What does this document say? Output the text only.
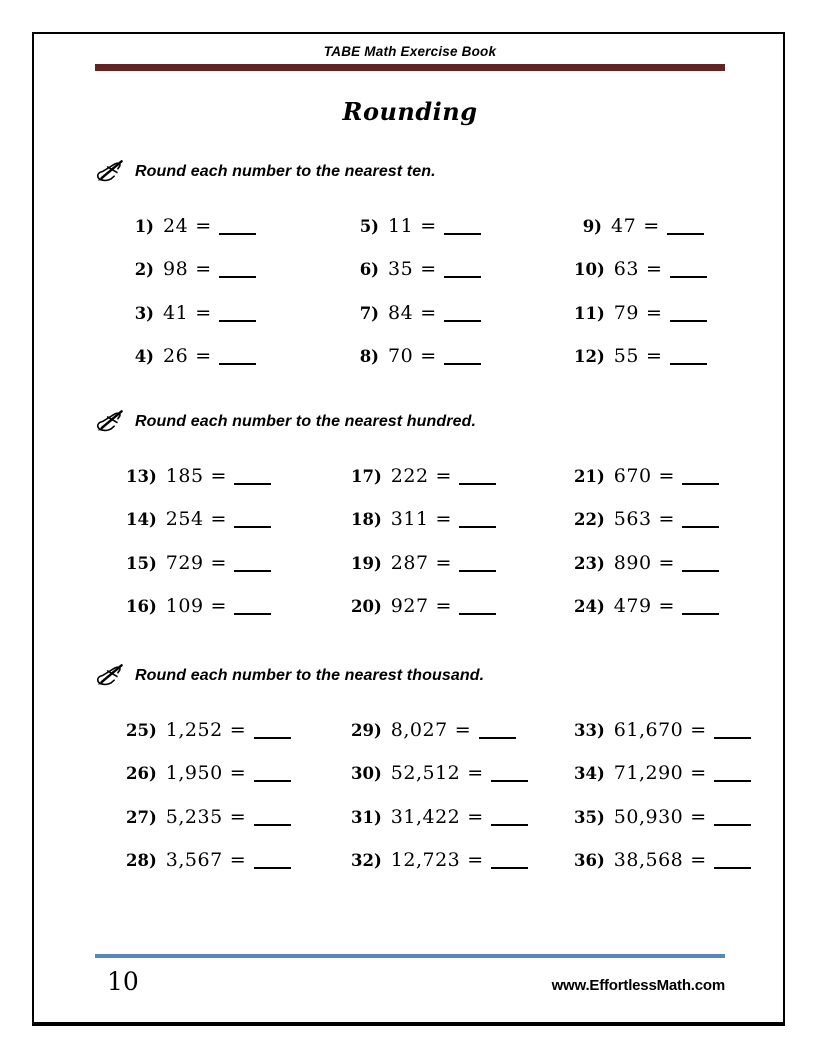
TABE Math Exercise Book
Rounding
Round each number to the nearest ten.
1) 24 =
2) 98 =
3) 41 =
4) 26 =
5) 11 =
6) 35 =
7) 84 =
8) 70 =
9) 47 =
10) 63 =
11) 79 =
12) 55 =
Round each number to the nearest hundred.
13) 185 =
14) 254 =
15) 729 =
16) 109 =
17) 222 =
18) 311 =
19) 287 =
20) 927 =
21) 670 =
22) 563 =
23) 890 =
24) 479 =
Round each number to the nearest thousand.
25) 1,252 =
26) 1,950 =
27) 5,235 =
28) 3,567 =
29) 8,027 =
30) 52,512 =
31) 31,422 =
32) 12,723 =
33) 61,670 =
34) 71,290 =
35) 50,930 =
36) 38,568 =
10	www.EffortlessMath.com
